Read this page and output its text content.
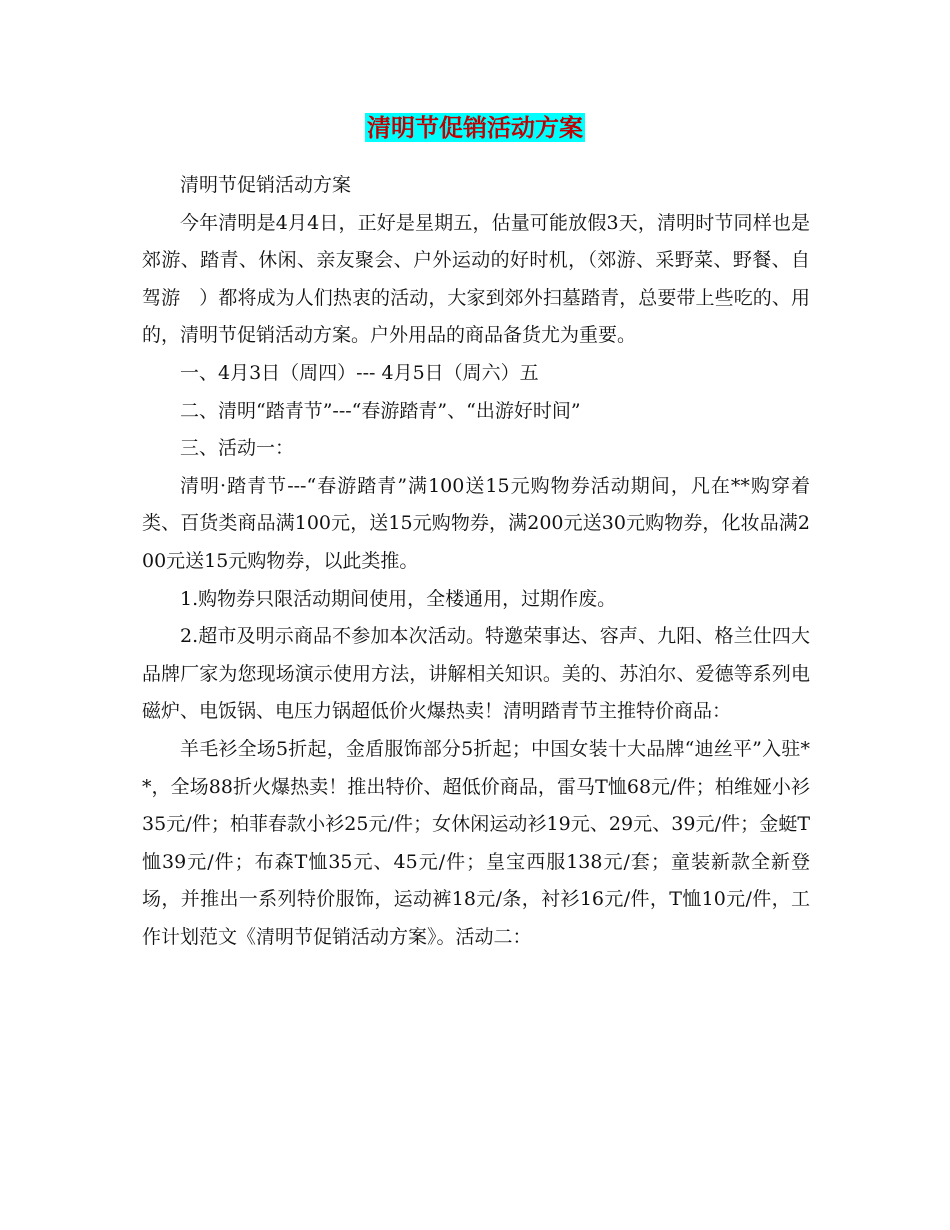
清明节促销活动方案

清明节促销活动方案

今年清明是4月4日，正好是星期五，估量可能放假3天，清明时节同样也是郊游、踏青、休闲、亲友聚会、户外运动的好时机，（郊游、采野菜、野餐、自驾游　）都将成为人们热衷的活动，大家到郊外扫墓踏青，总要带上些吃的、用的，清明节促销活动方案。户外用品的商品备货尤为重要。

一、4月3日（周四）--- 4月5日（周六）五

二、清明“踏青节”---“春游踏青”、“出游好时间”

三、活动一：

清明·踏青节---“春游踏青”满100送15元购物券活动期间，凡在**购穿着类、百货类商品满100元，送15元购物券，满200元送30元购物券，化妆品满200元送15元购物券，以此类推。

1.购物券只限活动期间使用，全楼通用，过期作废。

2.超市及明示商品不参加本次活动。特邀荣事达、容声、九阳、格兰仕四大品牌厂家为您现场演示使用方法，讲解相关知识。美的、苏泊尔、爱德等系列电磁炉、电饭锅、电压力锅超低价火爆热卖！清明踏青节主推特价商品：

羊毛衫全场5折起，金盾服饰部分5折起；中国女装十大品牌“迪丝平”入驻**，全场88折火爆热卖！推出特价、超低价商品，雷马T恤68元/件；柏维娅小衫35元/件；柏菲春款小衫25元/件；女休闲运动衫19元、29元、39元/件；金蜓T恤39元/件；布森T恤35元、45元/件；皇宝西服138元/套；童装新款全新登场，并推出一系列特价服饰，运动裤18元/条，衬衫16元/件，T恤10元/件，工作计划范文《清明节促销活动方案》。活动二：
